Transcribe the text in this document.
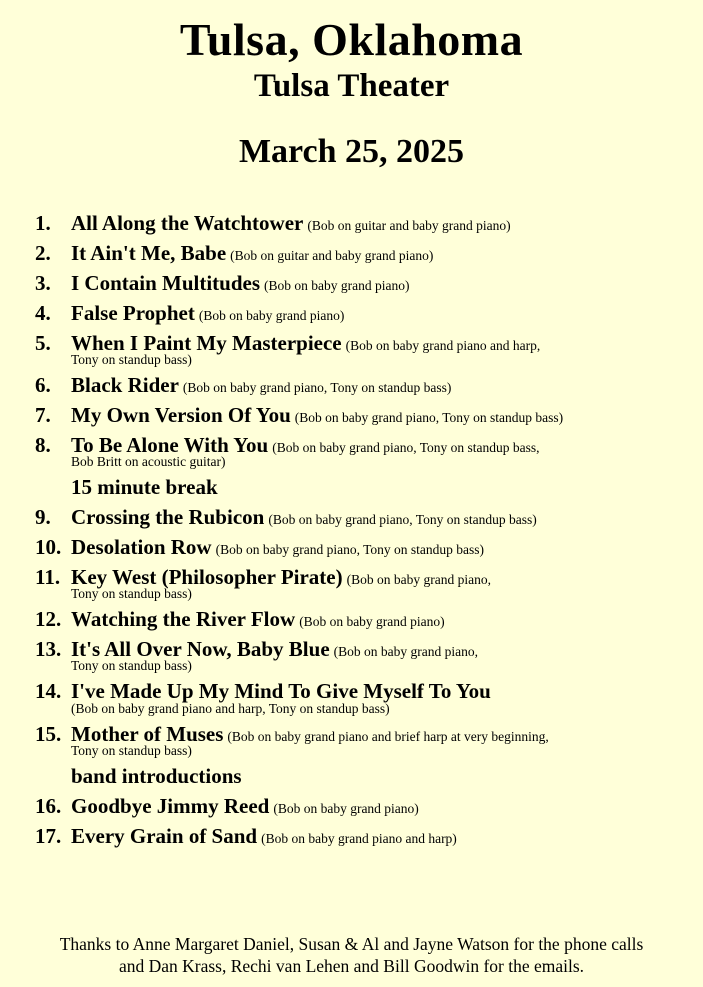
Tulsa, Oklahoma
Tulsa Theater
March 25, 2025
1. All Along the Watchtower (Bob on guitar and baby grand piano)
2. It Ain't Me, Babe (Bob on guitar and baby grand piano)
3. I Contain Multitudes (Bob on baby grand piano)
4. False Prophet (Bob on baby grand piano)
5. When I Paint My Masterpiece (Bob on baby grand piano and harp,
Tony on standup bass)
6. Black Rider (Bob on baby grand piano, Tony on standup bass)
7. My Own Version Of You (Bob on baby grand piano, Tony on standup bass)
8. To Be Alone With You (Bob on baby grand piano, Tony on standup bass,
Bob Britt on acoustic guitar)
15 minute break
9. Crossing the Rubicon (Bob on baby grand piano, Tony on standup bass)
10. Desolation Row (Bob on baby grand piano, Tony on standup bass)
11. Key West (Philosopher Pirate) (Bob on baby grand piano,
Tony on standup bass)
12. Watching the River Flow (Bob on baby grand piano)
13. It's All Over Now, Baby Blue (Bob on baby grand piano,
Tony on standup bass)
14. I've Made Up My Mind To Give Myself To You
(Bob on baby grand piano and harp, Tony on standup bass)
15. Mother of Muses (Bob on baby grand piano and brief harp at very beginning,
Tony on standup bass)
band introductions
16. Goodbye Jimmy Reed (Bob on baby grand piano)
17. Every Grain of Sand (Bob on baby grand piano and harp)
Thanks to Anne Margaret Daniel, Susan & Al and Jayne Watson for the phone calls
and Dan Krass, Rechi van Lehen and Bill Goodwin for the emails.
